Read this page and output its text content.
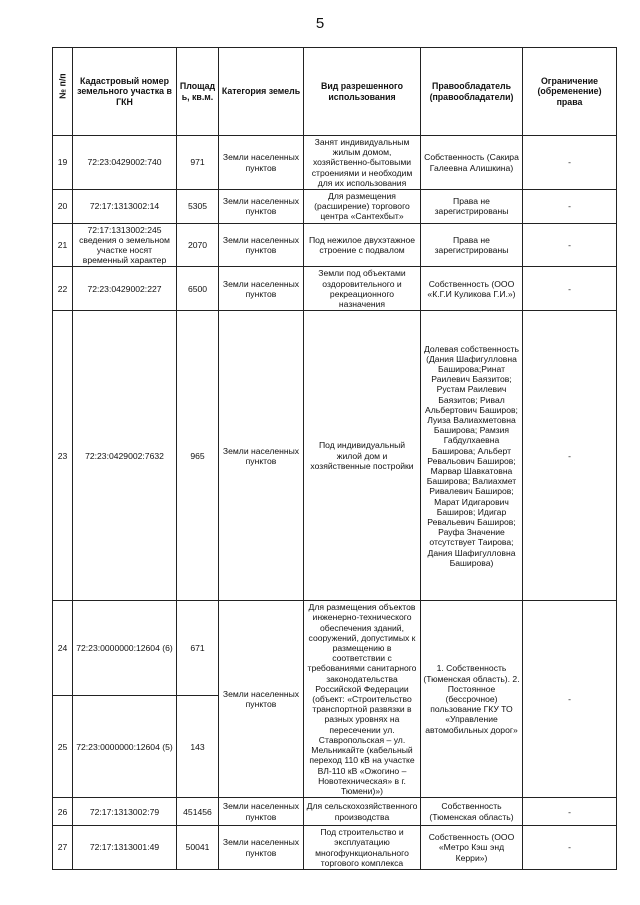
5
№ п/п	Кадастровый номер земельного участка в ГКН	Площадь, кв.м.	Категория земель	Вид разрешенного использования	Правообладатель (правообладатели)	Ограничение (обременение) права
19	72:23:0429002:740	971	Земли населенных пунктов	Занят индивидуальным жилым домом, хозяйственно-бытовыми строениями и необходим для их использования	Собственность (Сакира Галеевна Алишкина)	-
20	72:17:1313002:14	5305	Земли населенных пунктов	Для размещения (расширение) торгового центра «Сантехбыт»	Права не зарегистрированы	-
21	72:17:1313002:245 сведения о земельном участке носят временный характер	2070	Земли населенных пунктов	Под нежилое двухэтажное строение с подвалом	Права не зарегистрированы	-
22	72:23:0429002:227	6500	Земли населенных пунктов	Земли под объектами оздоровительного и рекреационного назначения	Собственность (ООО «К.Г.И Куликова Г.И.»)	-
23	72:23:0429002:7632	965	Земли населенных пунктов	Под индивидуальный жилой дом и хозяйственные постройки	Долевая собственность (Дания Шафигулловна Баширова;Ринат Раилевич Баязитов; Рустам Раилевич Баязитов; Ривал Альбертович Баширов; Луиза Валиахметовна Баширова; Рамзия Габдулхаевна Баширова; Альберт Ревальович Баширов; Марвар Шавкатовна Баширова; Валиахмет Ривалевич Баширов; Марат Идигарович Баширов; Идигар Ревальевич Баширов; Рауфа Значение отсутствует Таирова; Дания Шафигулловна Баширова)	-
24	72:23:0000000:12604 (6)	671	Земли населенных пунктов	Для размещения объектов инженерно-технического обеспечения зданий, сооружений, допустимых к размещению в соответствии с требованиями санитарного законодательства Российской Федерации (объект: «Строительство транспортной развязки в разных уровнях на пересечении ул. Ставропольская – ул. Мельникайте (кабельный переход 110 кВ на участке ВЛ-110 кВ «Ожогино – Новотехническая» в г. Тюмени)»)	1. Собственность (Тюменская область). 2. Постоянное (бессрочное) пользование ГКУ ТО «Управление автомобильных дорог»	-
25	72:23:0000000:12604 (5)	143				
26	72:17:1313002:79	451456	Земли населенных пунктов	Для сельскохозяйственного производства	Собственность (Тюменская область)	-
27	72:17:1313001:49	50041	Земли населенных пунктов	Под строительство и эксплуатацию многофункционального торгового комплекса	Собственность (ООО «Метро Кэш энд Керри»)	-
